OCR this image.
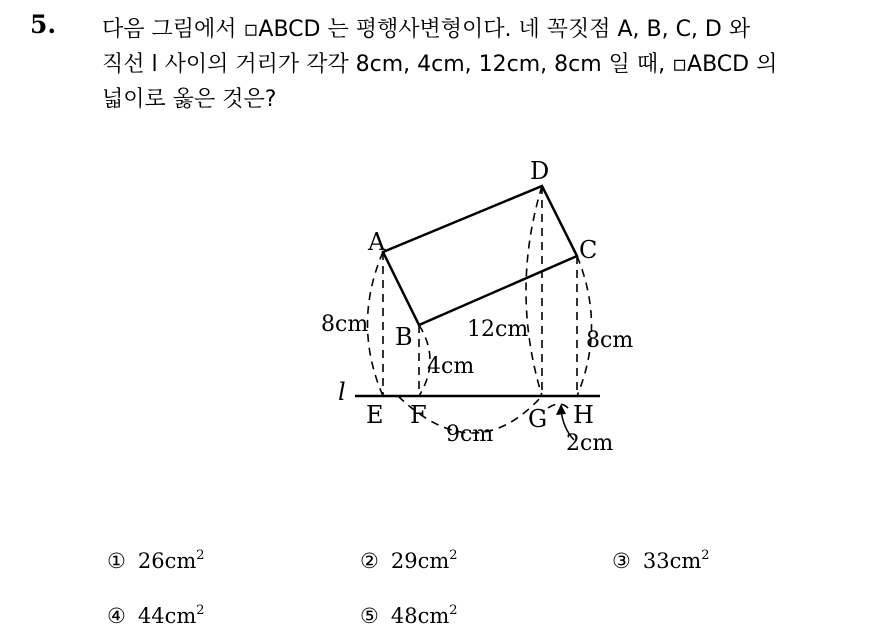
5. 다음 그림에서 ▫ABCD 는 평행사변형이다. 네 꼭짓점 A, B, C, D 와
직선 l 사이의 거리가 각각 8cm, 4cm, 12cm, 8cm 일 때, ▫ABCD 의
넓이로 옳은 것은?
l
A
B
C
D
E F	G H
8cm
4cm
12cm	8cm
9cm	2cm
① $26cm^2$	② $29cm^2$	③ $33cm^2$
④ $44cm^2$	⑤ $48cm^2$
